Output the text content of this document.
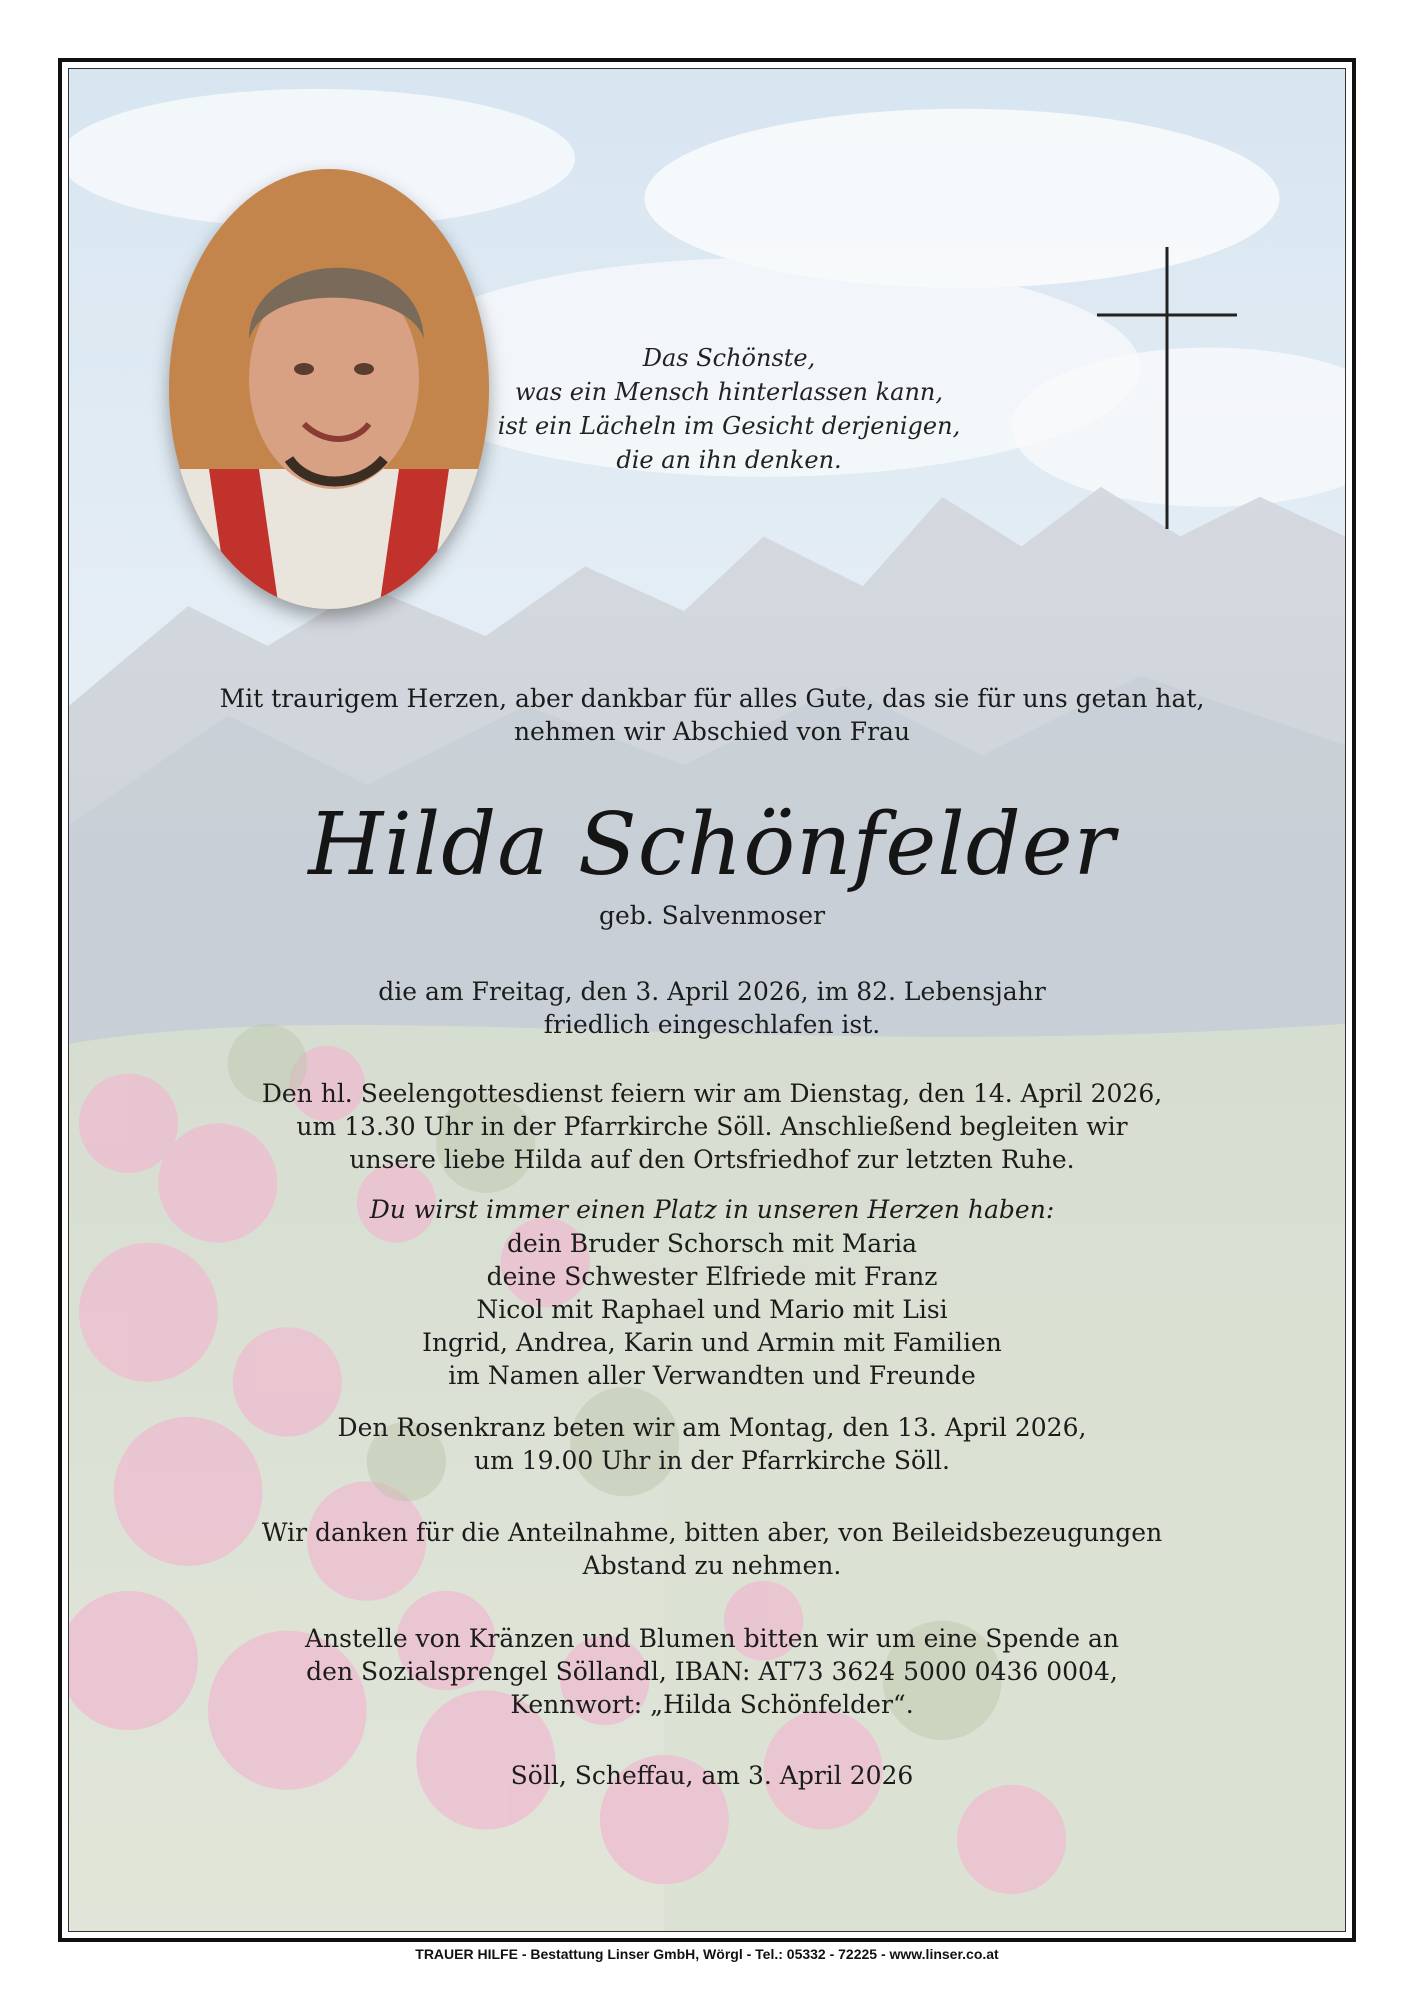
Das Schönste,
was ein Mensch hinterlassen kann,
ist ein Lächeln im Gesicht derjenigen,
die an ihn denken.
Mit traurigem Herzen, aber dankbar für alles Gute, das sie für uns getan hat,
nehmen wir Abschied von Frau
Hilda Schönfelder
geb. Salvenmoser
die am Freitag, den 3. April 2026, im 82. Lebensjahr
friedlich eingeschlafen ist.
Den hl. Seelengottesdienst feiern wir am Dienstag, den 14. April 2026,
um 13.30 Uhr in der Pfarrkirche Söll. Anschließend begleiten wir
unsere liebe Hilda auf den Ortsfriedhof zur letzten Ruhe.
Du wirst immer einen Platz in unseren Herzen haben:
dein Bruder Schorsch mit Maria
deine Schwester Elfriede mit Franz
Nicol mit Raphael und Mario mit Lisi
Ingrid, Andrea, Karin und Armin mit Familien
im Namen aller Verwandten und Freunde
Den Rosenkranz beten wir am Montag, den 13. April 2026,
um 19.00 Uhr in der Pfarrkirche Söll.
Wir danken für die Anteilnahme, bitten aber, von Beileidsbezeugungen
Abstand zu nehmen.
Anstelle von Kränzen und Blumen bitten wir um eine Spende an
den Sozialsprengel Söllandl, IBAN: AT73 3624 5000 0436 0004,
Kennwort: „Hilda Schönfelder“.
Söll, Scheffau, am 3. April 2026
TRAUER HILFE - Bestattung Linser GmbH, Wörgl - Tel.: 05332 - 72225 - www.linser.co.at
